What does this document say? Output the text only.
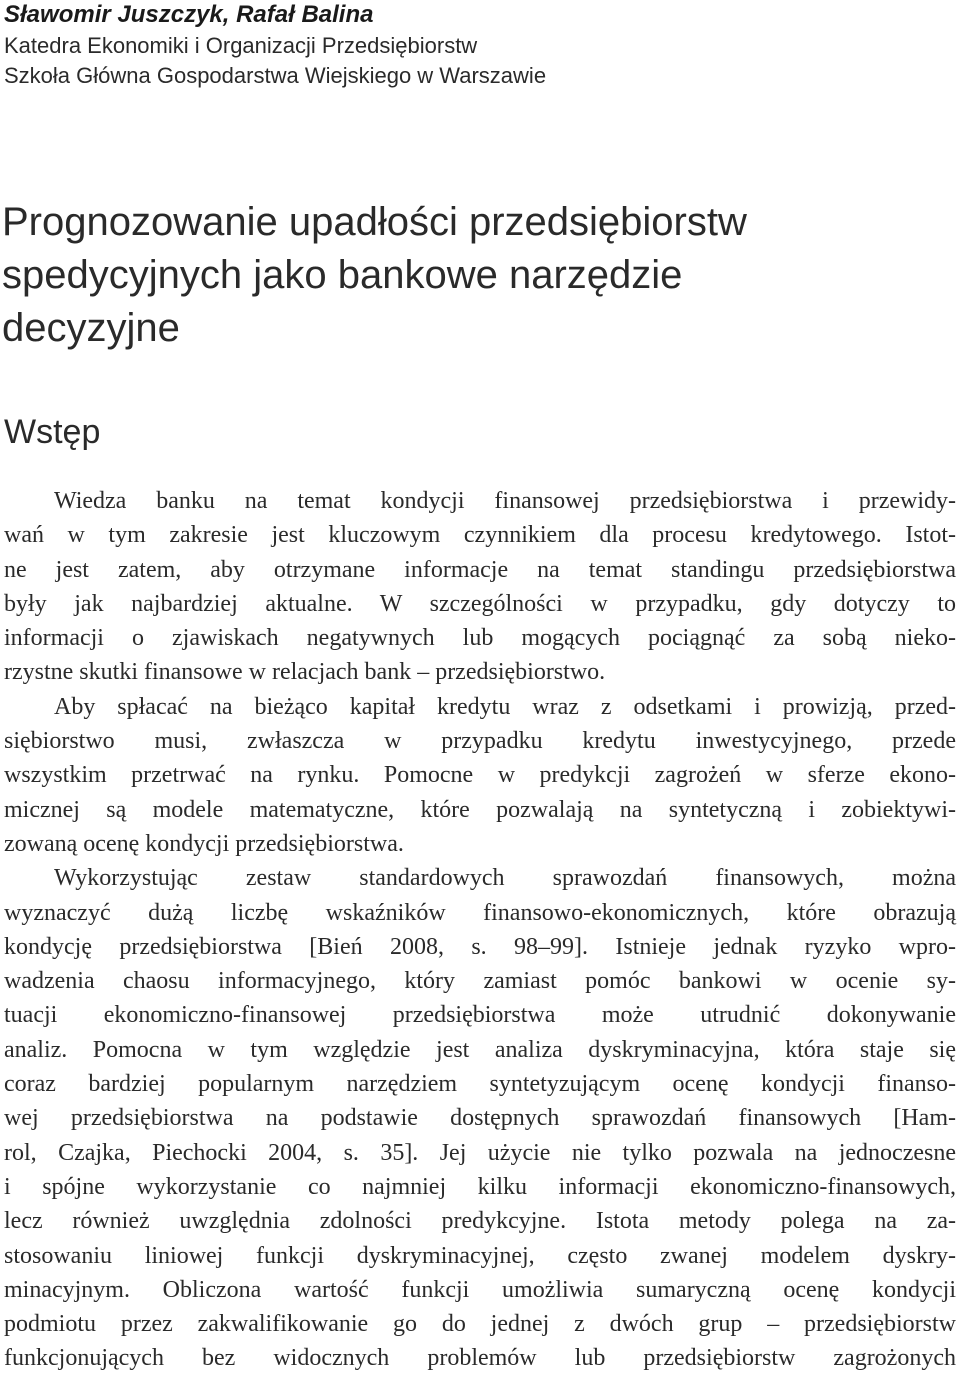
Sławomir Juszczyk, Rafał Balina
Katedra Ekonomiki i Organizacji Przedsiębiorstw
Szkoła Główna Gospodarstwa Wiejskiego w Warszawie
Prognozowanie upadłości przedsiębiorstw
spedycyjnych jako bankowe narzędzie
decyzyjne
Wstęp
Wiedza banku na temat kondycji finansowej przedsiębiorstwa i przewidy-
wań w tym zakresie jest kluczowym czynnikiem dla procesu kredytowego. Istot-
ne jest zatem, aby otrzymane informacje na temat standingu przedsiębiorstwa
były jak najbardziej aktualne. W szczególności w przypadku, gdy dotyczy to
informacji o zjawiskach negatywnych lub mogących pociągnąć za sobą nieko-
rzystne skutki finansowe w relacjach bank – przedsiębiorstwo.
Aby spłacać na bieżąco kapitał kredytu wraz z odsetkami i prowizją, przed-
siębiorstwo musi, zwłaszcza w przypadku kredytu inwestycyjnego, przede
wszystkim przetrwać na rynku. Pomocne w predykcji zagrożeń w sferze ekono-
micznej są modele matematyczne, które pozwalają na syntetyczną i zobiektywi-
zowaną ocenę kondycji przedsiębiorstwa.
Wykorzystując zestaw standardowych sprawozdań finansowych, można
wyznaczyć dużą liczbę wskaźników finansowo-ekonomicznych, które obrazują
kondycję przedsiębiorstwa [Bień 2008, s. 98–99]. Istnieje jednak ryzyko wpro-
wadzenia chaosu informacyjnego, który zamiast pomóc bankowi w ocenie sy-
tuacji ekonomiczno-finansowej przedsiębiorstwa może utrudnić dokonywanie
analiz. Pomocna w tym względzie jest analiza dyskryminacyjna, która staje się
coraz bardziej popularnym narzędziem syntetyzującym ocenę kondycji finanso-
wej przedsiębiorstwa na podstawie dostępnych sprawozdań finansowych [Ham-
rol, Czajka, Piechocki 2004, s. 35]. Jej użycie nie tylko pozwala na jednoczesne
i spójne wykorzystanie co najmniej kilku informacji ekonomiczno-finansowych,
lecz również uwzględnia zdolności predykcyjne. Istota metody polega na za-
stosowaniu liniowej funkcji dyskryminacyjnej, często zwanej modelem dyskry-
minacyjnym. Obliczona wartość funkcji umożliwia sumaryczną ocenę kondycji
podmiotu przez zakwalifikowanie go do jednej z dwóch grup – przedsiębiorstw
funkcjonujących bez widocznych problemów lub przedsiębiorstw zagrożonych
